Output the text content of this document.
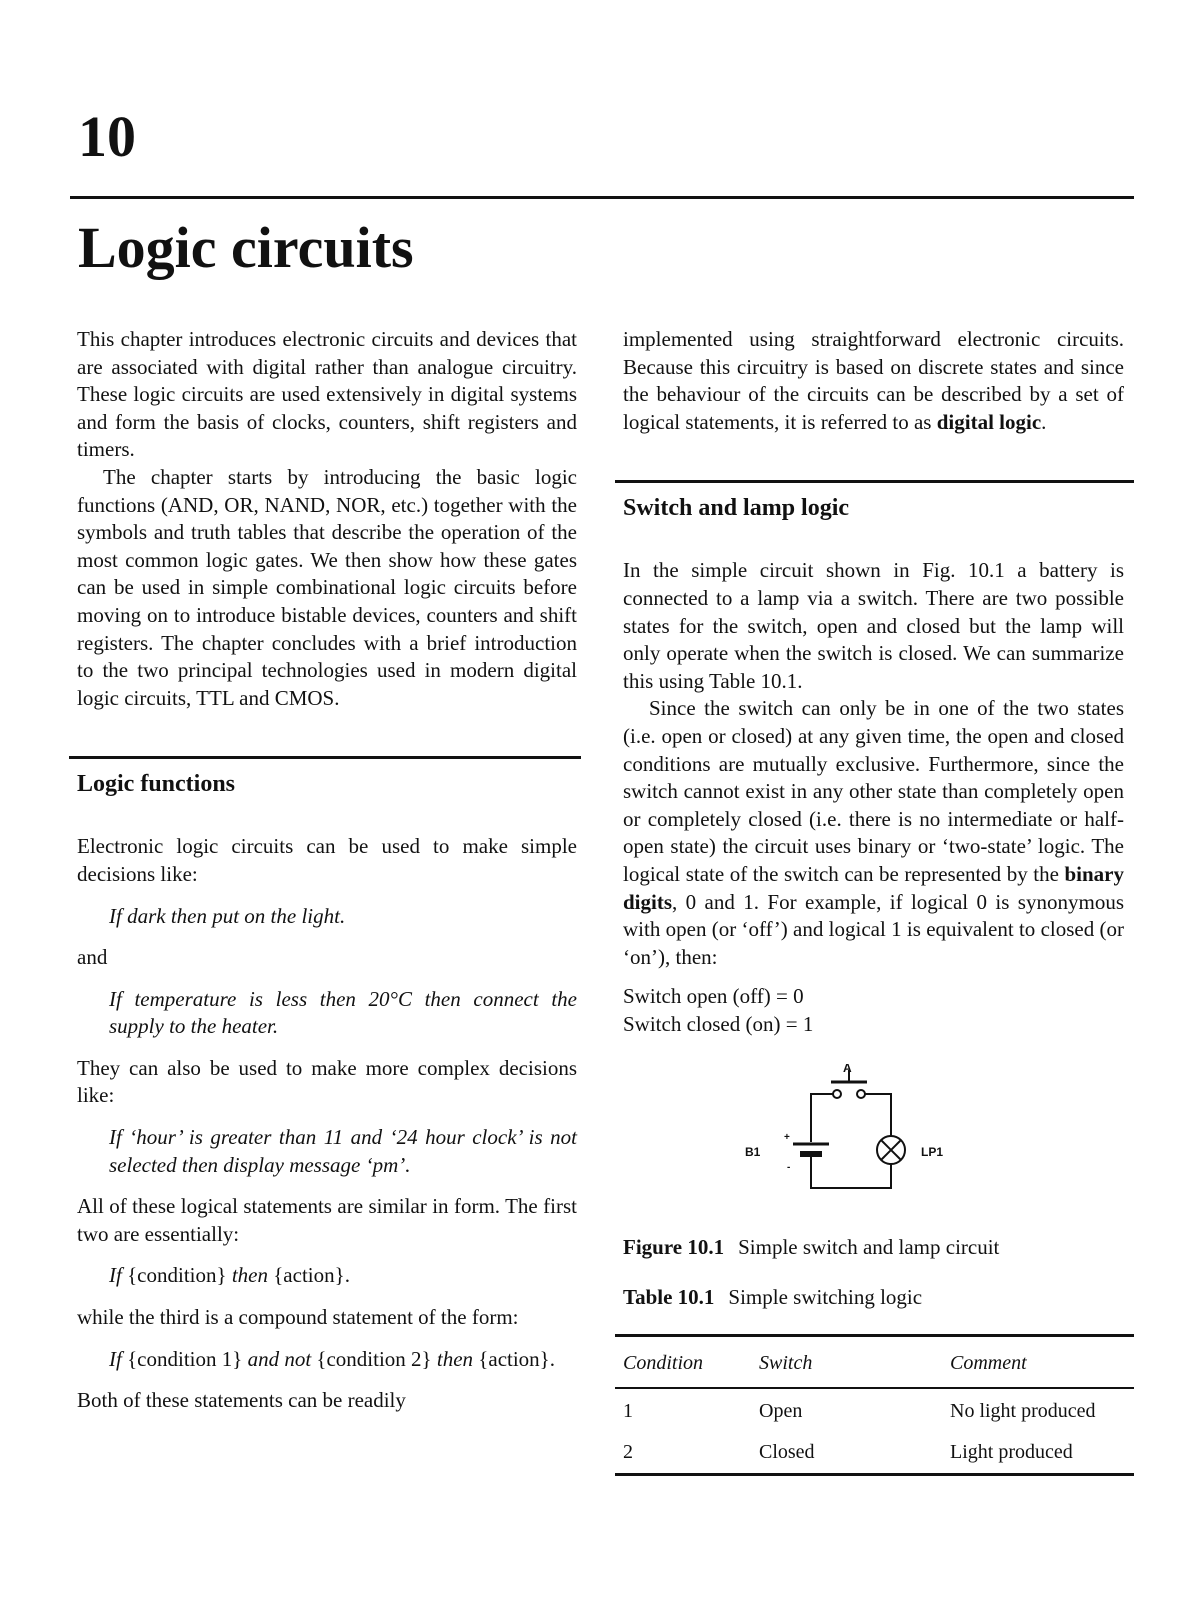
10
Logic circuits

This chapter introduces electronic circuits and devices that are associated with digital rather than analogue circuitry. These logic circuits are used extensively in digital systems and form the basis of clocks, counters, shift registers and timers.

The chapter starts by introducing the basic logic functions (AND, OR, NAND, NOR, etc.) together with the symbols and truth tables that describe the operation of the most common logic gates. We then show how these gates can be used in simple combinational logic circuits before moving on to introduce bistable devices, counters and shift registers. The chapter concludes with a brief introduction to the two principal technologies used in modern digital logic circuits, TTL and CMOS.

Logic functions

Electronic logic circuits can be used to make simple decisions like:

If dark then put on the light.

and

If temperature is less then 20°C then connect the supply to the heater.

They can also be used to make more complex decisions like:

If ‘hour’ is greater than 11 and ‘24 hour clock’ is not selected then display message ‘pm’.

All of these logical statements are similar in form. The first two are essentially:

If {condition} then {action}.

while the third is a compound statement of the form:

If {condition 1} and not {condition 2} then {action}.

Both of these statements can be readily

implemented using straightforward electronic circuits. Because this circuitry is based on discrete states and since the behaviour of the circuits can be described by a set of logical statements, it is referred to as digital logic.

Switch and lamp logic

In the simple circuit shown in Fig. 10.1 a battery is connected to a lamp via a switch. There are two possible states for the switch, open and closed but the lamp will only operate when the switch is closed. We can summarize this using Table 10.1.

Since the switch can only be in one of the two states (i.e. open or closed) at any given time, the open and closed conditions are mutually exclusive. Furthermore, since the switch cannot exist in any other state than completely open or completely closed (i.e. there is no intermediate or half-open state) the circuit uses binary or ‘two-state’ logic. The logical state of the switch can be represented by the binary digits, 0 and 1. For example, if logical 0 is synonymous with open (or ‘off’) and logical 1 is equivalent to closed (or ‘on’), then:

Switch open (off) = 0

Switch closed (on) = 1

A
B1	LP1
+
-

Figure 10.1 Simple switch and lamp circuit

Table 10.1 Simple switching logic

Condition	Switch	Comment
1	Open	No light produced
2	Closed	Light produced
